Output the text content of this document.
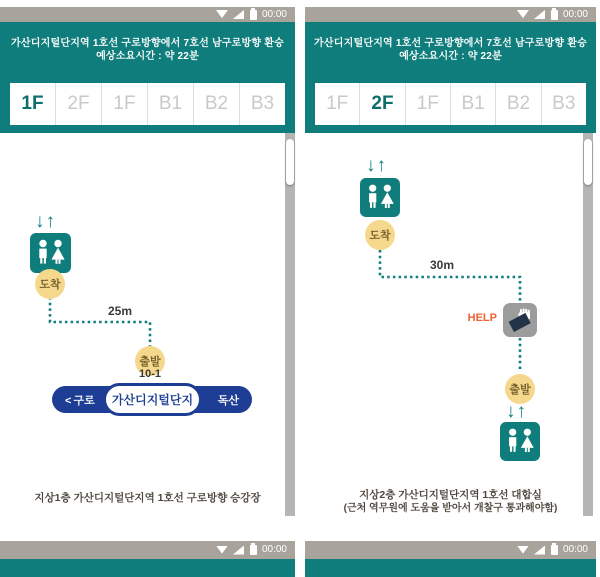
00:00
가산디지털단지역 1호선 구로방향에서 7호선 남구로방향 환승
예상소요시간 : 약 22분
1F	2F	1F	B1	B2	B3
↓↑
도착
25m
출발
10-1
< 구로	독산
가산디지털단지
지상1층 가산디지털단지역 1호선 구로방향 승강장
00:00
00:00
가산디지털단지역 1호선 구로방향에서 7호선 남구로방향 환승
예상소요시간 : 약 22분
1F	2F	1F	B1	B2	B3
↓↑
도착
30m
HELP
출발
↓↑
지상2층 가산디지털단지역 1호선 대합실
(근처 역무원에 도움을 받아서 개찰구 통과해야함)
00:00
